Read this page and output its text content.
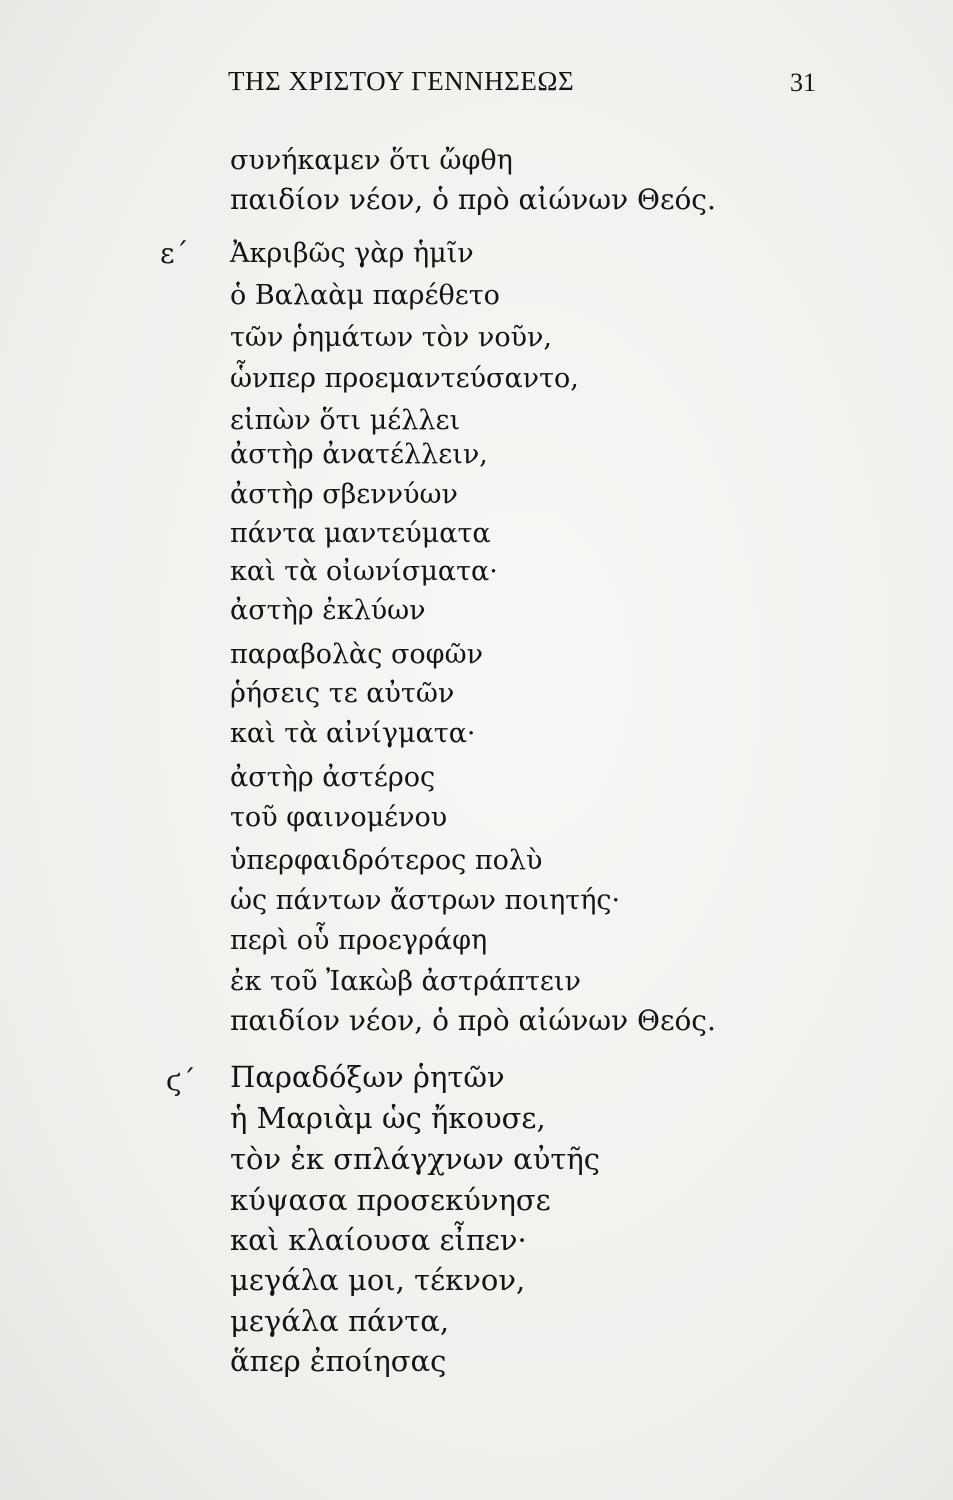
ΤΗΣ ΧΡΙΣΤΟΥ ΓΕΝΝΗΣΕΩΣ	31
συνήκαμεν ὅτι ὤφθη
παιδίον νέον, ὁ πρὸ αἰώνων Θεός.
ε΄ Ἀκριβῶς γὰρ ἡμῖν
ὁ Βαλαὰμ παρέθετο
τῶν ῥημάτων τὸν νοῦν,
ὧνπερ προεμαντεύσαντο,
εἰπὼν ὅτι μέλλει
ἀστὴρ ἀνατέλλειν,
ἀστὴρ σβεννύων
πάντα μαντεύματα
καὶ τὰ οἰωνίσματα·
ἀστὴρ ἐκλύων
παραβολὰς σοφῶν
ῥήσεις τε αὐτῶν
καὶ τὰ αἰνίγματα·
ἀστὴρ ἀστέρος
τοῦ φαινομένου
ὑπερφαιδρότερος πολὺ
ὡς πάντων ἄστρων ποιητής·
περὶ οὗ προεγράφη
ἐκ τοῦ Ἰακὼβ ἀστράπτειν
παιδίον νέον, ὁ πρὸ αἰώνων Θεός.
ϛ΄ Παραδόξων ῥητῶν
ἡ Μαριὰμ ὡς ἤκουσε,
τὸν ἐκ σπλάγχνων αὐτῆς
κύψασα προσεκύνησε
καὶ κλαίουσα εἶπεν·
μεγάλα μοι, τέκνον,
μεγάλα πάντα,
ἅπερ ἐποίησας
